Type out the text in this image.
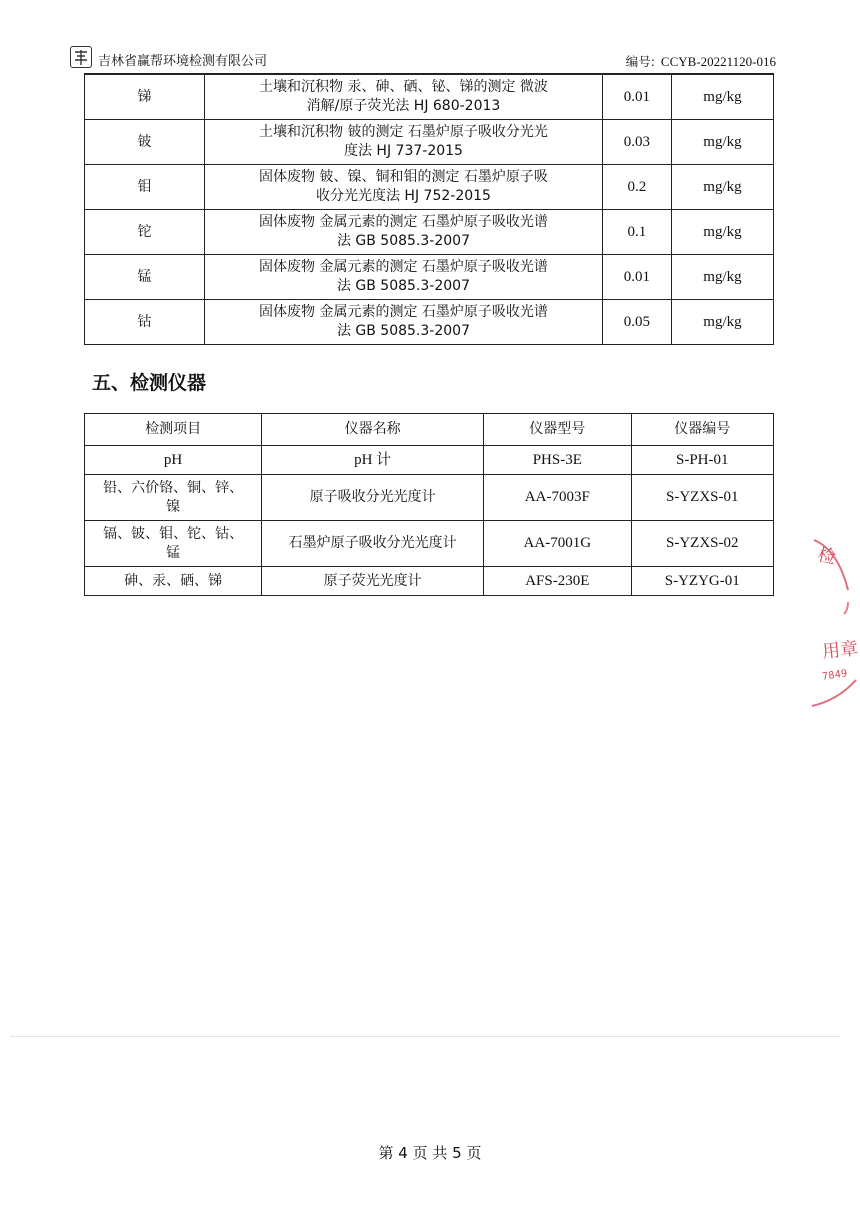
吉林省赢帮环境检测有限公司	编号: CCYB-20221120-016
锑	土壤和沉积物 汞、砷、硒、铋、锑的测定 微波
消解/原子荧光法 HJ 680-2013	0.01	mg/kg
铍	土壤和沉积物 铍的测定 石墨炉原子吸收分光光
度法 HJ 737-2015	0.03	mg/kg
钼	固体废物 铍、镍、铜和钼的测定 石墨炉原子吸
收分光光度法 HJ 752-2015	0.2	mg/kg
铊	固体废物 金属元素的测定 石墨炉原子吸收光谱
法 GB 5085.3-2007	0.1	mg/kg
锰	固体废物 金属元素的测定 石墨炉原子吸收光谱
法 GB 5085.3-2007	0.01	mg/kg
钴	固体废物 金属元素的测定 石墨炉原子吸收光谱
法 GB 5085.3-2007	0.05	mg/kg
五、检测仪器
检测项目	仪器名称	仪器型号	仪器编号
pH	pH 计	PHS-3E	S-PH-01
铅、六价铬、铜、锌、
镍	原子吸收分光光度计	AA-7003F	S-YZXS-01
镉、铍、钼、铊、钴、
锰	石墨炉原子吸收分光光度计	AA-7001G	S-YZXS-02
砷、汞、硒、锑	原子荧光光度计	AFS-230E	S-YZYG-01
检
用章
7849
第 4 页 共 5 页
